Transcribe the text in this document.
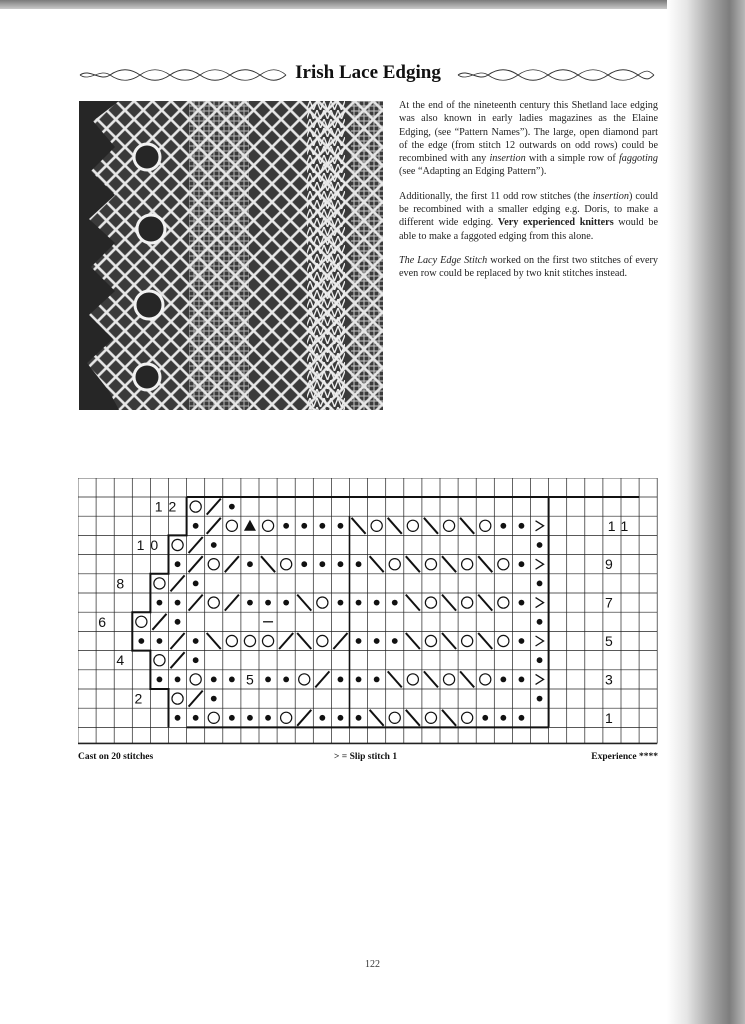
Irish Lace Edging

At the end of the nineteenth century this Shetland lace edging was also known in early ladies magazines as the Elaine Edging, (see “Pattern Names”). The large, open diamond part of the edge (from stitch 12 outwards on odd rows) could be recombined with any insertion with a simple row of faggoting (see “Adapting an Edging Pattern”).

Additionally, the first 11 odd row stitches (the insertion) could be recombined with a smaller edging e.g. Doris, to make a different wide edging. Very experienced knitters would be able to make a faggoted edging from this alone.

The Lacy Edge Stitch worked on the first two stitches of every even row could be replaced by two knit stitches instead.

12
11
10
9
8
7
6
5
4
5	3
2
1
Cast on 20 stitches	> = Slip stitch 1	Experience ****
122
